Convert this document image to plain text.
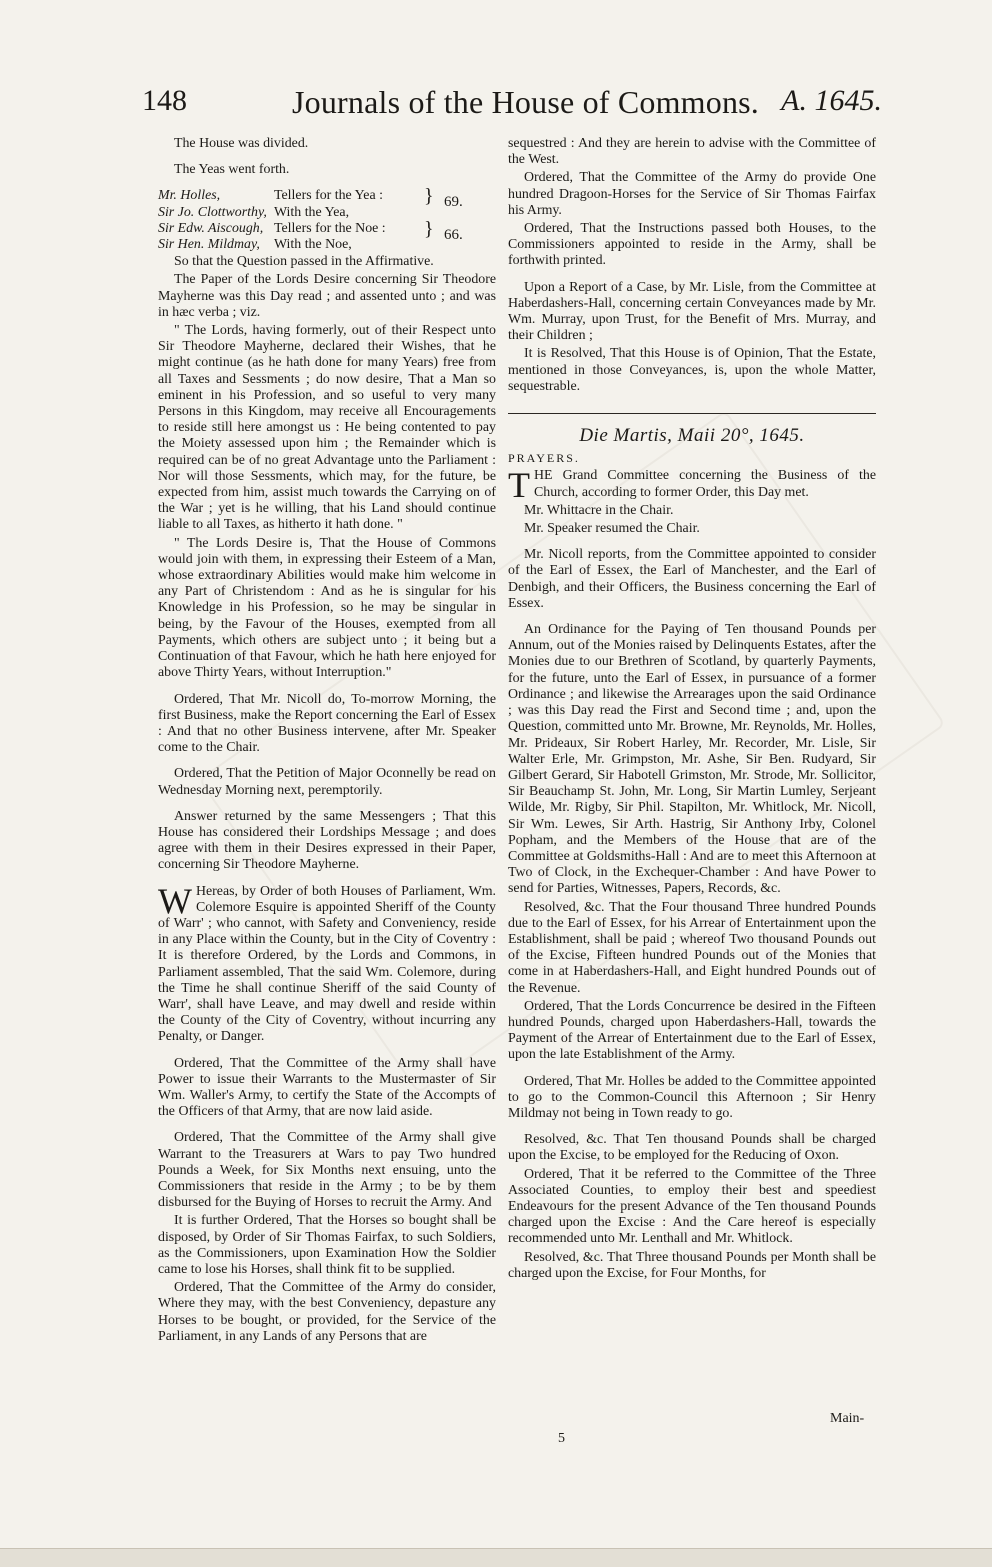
148	Journals of the House of Commons. A. 1645.

The House was divided.

The Yeas went forth.

Mr. Holles,	Tellers for the Yea :	}	69.
Sir Jo. Clottworthy,	With the Yea,		
Sir Edw. Aiscough,	Tellers for the Noe :	}	66.
Sir Hen. Mildmay,	With the Noe,		

So that the Question passed in the Affirmative.

The Paper of the Lords Desire concerning Sir Theodore Mayherne was this Day read ; and assented unto ; and was in hæc verba ; viz.

" The Lords, having formerly, out of their Respect unto Sir Theodore Mayherne, declared their Wishes, that he might continue (as he hath done for many Years) free from all Taxes and Sessments ; do now desire, That a Man so eminent in his Profession, and so useful to very many Persons in this Kingdom, may receive all Encouragements to reside still here amongst us : He being contented to pay the Moiety assessed upon him ; the Remainder which is required can be of no great Advantage unto the Parliament : Nor will those Sessments, which may, for the future, be expected from him, assist much towards the Carrying on of the War ; yet is he willing, that his Land should continue liable to all Taxes, as hitherto it hath done. "

" The Lords Desire is, That the House of Commons would join with them, in expressing their Esteem of a Man, whose extraordinary Abilities would make him welcome in any Part of Christendom : And as he is singular for his Knowledge in his Profession, so he may be singular in being, by the Favour of the Houses, exempted from all Payments, which others are subject unto ; it being but a Continuation of that Favour, which he hath here enjoyed for above Thirty Years, without Interruption."

Ordered, That Mr. Nicoll do, To-morrow Morning, the first Business, make the Report concerning the Earl of Essex : And that no other Business intervene, after Mr. Speaker come to the Chair.

Ordered, That the Petition of Major Oconnelly be read on Wednesday Morning next, peremptorily.

Answer returned by the same Messengers ; That this House has considered their Lordships Message ; and does agree with them in their Desires expressed in their Paper, concerning Sir Theodore Mayherne.

W Hereas, by Order of both Houses of Parliament, Wm. Colemore Esquire is appointed Sheriff of the County of Warr' ; who cannot, with Safety and Conveniency, reside in any Place within the County, but in the City of Coventry : It is therefore Ordered, by the Lords and Commons, in Parliament assembled, That the said Wm. Colemore, during the Time he shall continue Sheriff of the said County of Warr', shall have Leave, and may dwell and reside within the County of the City of Coventry, without incurring any Penalty, or Danger.

Ordered, That the Committee of the Army shall have Power to issue their Warrants to the Mustermaster of Sir Wm. Waller's Army, to certify the State of the Accompts of the Officers of that Army, that are now laid aside.

Ordered, That the Committee of the Army shall give Warrant to the Treasurers at Wars to pay Two hundred Pounds a Week, for Six Months next ensuing, unto the Commissioners that reside in the Army ; to be by them disbursed for the Buying of Horses to recruit the Army. And

It is further Ordered, That the Horses so bought shall be disposed, by Order of Sir Thomas Fairfax, to such Soldiers, as the Commissioners, upon Examination How the Soldier came to lose his Horses, shall think fit to be supplied.

Ordered, That the Committee of the Army do consider, Where they may, with the best Conveniency, depasture any Horses to be bought, or provided, for the Service of the Parliament, in any Lands of any Persons that are

sequestred : And they are herein to advise with the Committee of the West.

Ordered, That the Committee of the Army do provide One hundred Dragoon-Horses for the Service of Sir Thomas Fairfax his Army.

Ordered, That the Instructions passed both Houses, to the Commissioners appointed to reside in the Army, shall be forthwith printed.

Upon a Report of a Case, by Mr. Lisle, from the Committee at Haberdashers-Hall, concerning certain Conveyances made by Mr. Wm. Murray, upon Trust, for the Benefit of Mrs. Murray, and their Children ;

It is Resolved, That this House is of Opinion, That the Estate, mentioned in those Conveyances, is, upon the whole Matter, sequestrable.

Die Martis, Maii 20°, 1645.
PRAYERS.

THE Grand Committee concerning the Business of the Church, according to former Order, this Day met.

Mr. Whittacre in the Chair.

Mr. Speaker resumed the Chair.

Mr. Nicoll reports, from the Committee appointed to consider of the Earl of Essex, the Earl of Manchester, and the Earl of Denbigh, and their Officers, the Business concerning the Earl of Essex.

An Ordinance for the Paying of Ten thousand Pounds per Annum, out of the Monies raised by Delinquents Estates, after the Monies due to our Brethren of Scotland, by quarterly Payments, for the future, unto the Earl of Essex, in pursuance of a former Ordinance ; and likewise the Arrearages upon the said Ordinance ; was this Day read the First and Second time ; and, upon the Question, committed unto Mr. Browne, Mr. Reynolds, Mr. Holles, Mr. Prideaux, Sir Robert Harley, Mr. Recorder, Mr. Lisle, Sir Walter Erle, Mr. Grimpston, Mr. Ashe, Sir Ben. Rudyard, Sir Gilbert Gerard, Sir Habotell Grimston, Mr. Strode, Mr. Sollicitor, Sir Beauchamp St. John, Mr. Long, Sir Martin Lumley, Serjeant Wilde, Mr. Rigby, Sir Phil. Stapilton, Mr. Whitlock, Mr. Nicoll, Sir Wm. Lewes, Sir Arth. Hastrig, Sir Anthony Irby, Colonel Popham, and the Members of the House that are of the Committee at Goldsmiths-Hall : And are to meet this Afternoon at Two of Clock, in the Exchequer-Chamber : And have Power to send for Parties, Witnesses, Papers, Records, &c.

Resolved, &c. That the Four thousand Three hundred Pounds due to the Earl of Essex, for his Arrear of Entertainment upon the Establishment, shall be paid ; whereof Two thousand Pounds out of the Excise, Fifteen hundred Pounds out of the Monies that come in at Haberdashers-Hall, and Eight hundred Pounds out of the Revenue.

Ordered, That the Lords Concurrence be desired in the Fifteen hundred Pounds, charged upon Haberdashers-Hall, towards the Payment of the Arrear of Entertainment due to the Earl of Essex, upon the late Establishment of the Army.

Ordered, That Mr. Holles be added to the Committee appointed to go to the Common-Council this Afternoon ; Sir Henry Mildmay not being in Town ready to go.

Resolved, &c. That Ten thousand Pounds shall be charged upon the Excise, to be employed for the Reducing of Oxon.

Ordered, That it be referred to the Committee of the Three Associated Counties, to employ their best and speediest Endeavours for the present Advance of the Ten thousand Pounds charged upon the Excise : And the Care hereof is especially recommended unto Mr. Lenthall and Mr. Whitlock.

Resolved, &c. That Three thousand Pounds per Month shall be charged upon the Excise, for Four Months, for

Main-
5
